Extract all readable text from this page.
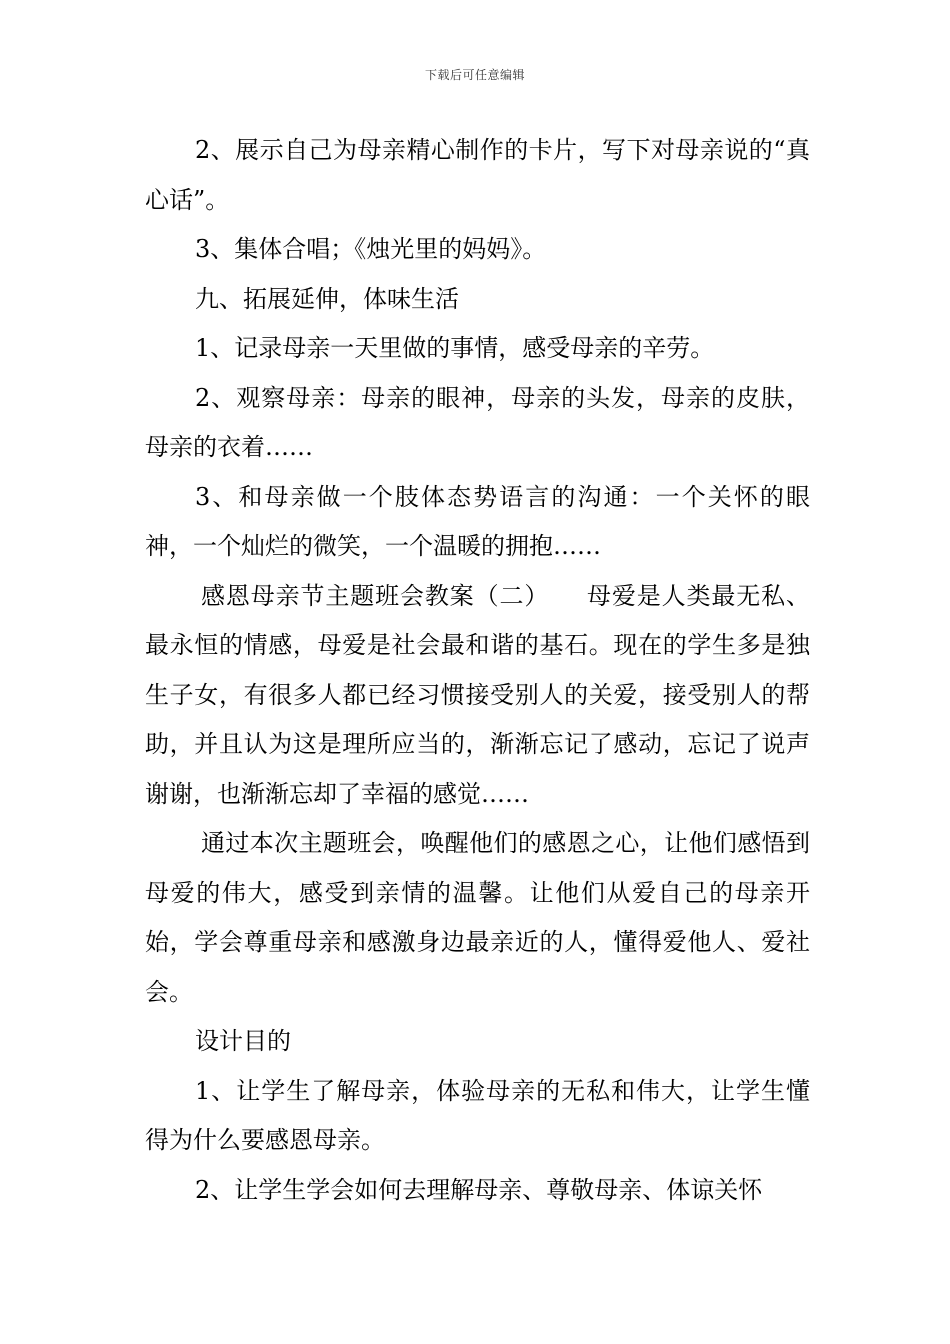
下载后可任意编辑

2、展示自己为母亲精心制作的卡片，写下对母亲说的“真心话”。

3、集体合唱；《烛光里的妈妈》。

九、拓展延伸，体味生活

1、记录母亲一天里做的事情，感受母亲的辛劳。

2、观察母亲：母亲的眼神，母亲的头发，母亲的皮肤，母亲的衣着……

3、和母亲做一个肢体态势语言的沟通：一个关怀的眼神，一个灿烂的微笑，一个温暖的拥抱……

感恩母亲节主题班会教案（二）　　母爱是人类最无私、最永恒的情感，母爱是社会最和谐的基石。现在的学生多是独生子女，有很多人都已经习惯接受别人的关爱，接受别人的帮助，并且认为这是理所应当的，渐渐忘记了感动，忘记了说声谢谢，也渐渐忘却了幸福的感觉……

通过本次主题班会，唤醒他们的感恩之心，让他们感悟到母爱的伟大，感受到亲情的温馨。让他们从爱自己的母亲开始，学会尊重母亲和感激身边最亲近的人，懂得爱他人、爱社会。

设计目的

1、让学生了解母亲，体验母亲的无私和伟大，让学生懂得为什么要感恩母亲。

2、让学生学会如何去理解母亲、尊敬母亲、体谅关怀
